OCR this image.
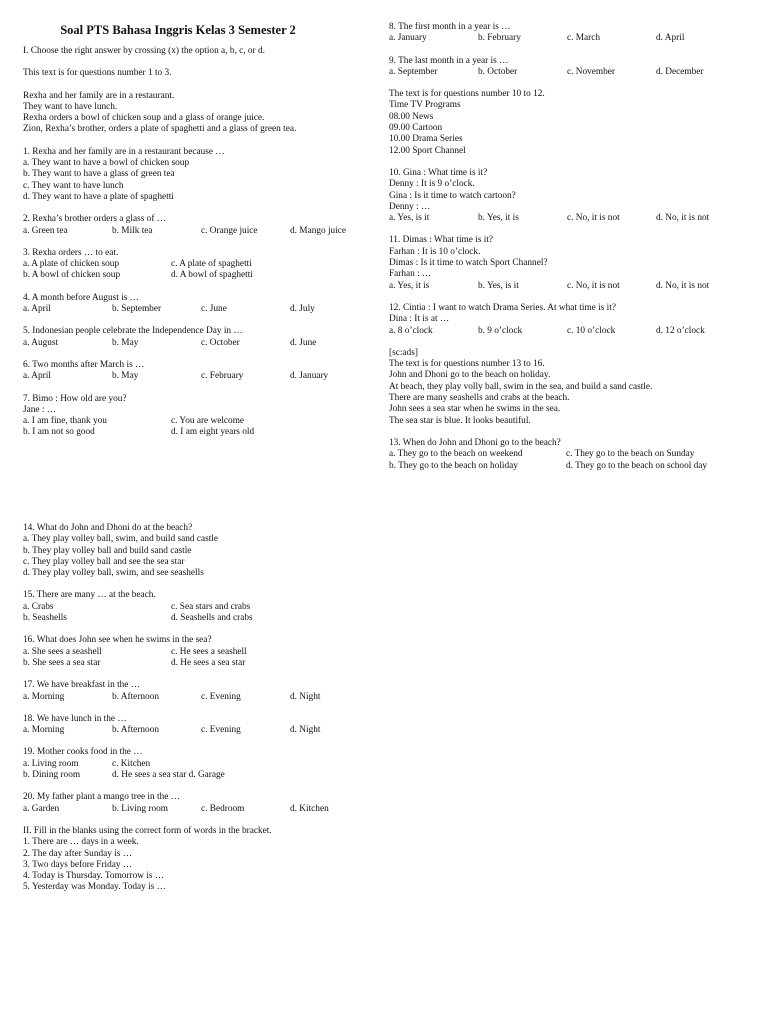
Soal PTS Bahasa Inggris Kelas 3 Semester 2
I. Choose the right answer by crossing (x) the option a, b, c, or d.
This text is for questions number 1 to 3.
Rexha and her family are in a restaurant.
They want to have lunch.
Rexha orders a bowl of chicken soup and a glass of orange juice.
Zion, Rexha’s brother, orders a plate of spaghetti and a glass of green tea.
1. Rexha and her family are in a restaurant because …
a. They want to have a bowl of chicken soup
b. They want to have a glass of green tea
c. They want to have lunch
d. They want to have a plate of spaghetti
2. Rexha’s brother orders a glass of …
a. Green tea	b. Milk tea	c. Orange juice	d. Mango juice
3. Rexha orders … to eat.
a. A plate of chicken soup	c. A plate of spaghetti
b. A bowl of chicken soup	d. A bowl of spaghetti
4. A month before August is …
a. April	b. September	c. June	d. July
5. Indonesian people celebrate the Independence Day in …
a. August	b. May	c. October	d. June
6. Two months after March is …
a. April	b. May	c. February	d. January
7. Bimo : How old are you?
Jane : …
a. I am fine, thank you	c. You are welcome
b. I am not so good	d. I am eight years old
8. The first month in a year is …
a. January	b. February	c. March	d. April
9. The last month in a year is …
a. September	b. October	c. November	d. December
The text is for questions number 10 to 12.
Time TV Programs
08.00 News
09.00 Cartoon
10.00 Drama Series
12.00 Sport Channel
10. Gina : What time is it?
Denny : It is 9 o’clock.
Gina : Is it time to watch cartoon?
Denny : …
a. Yes, is it	b. Yes, it is	c. No, it is not	d. No, it is not
11. Dimas : What time is it?
Farhan : It is 10 o’clock.
Dimas : Is it time to watch Sport Channel?
Farhan : …
a. Yes, it is	b. Yes, is it	c. No, it is not	d. No, it is not
12. Cintia : I want to watch Drama Series. At what time is it?
Dina : It is at …
a. 8 o’clock	b. 9 o’clock	c. 10 o’clock	d. 12 o’clock
[sc:ads]
The text is for questions number 13 to 16.
John and Dhoni go to the beach on holiday.
At beach, they play volly ball, swim in the sea, and build a sand castle.
There are many seashells and crabs at the beach.
John sees a sea star when he swims in the sea.
The sea star is blue. It looks beautiful.
13. When do John and Dhoni go to the beach?
a. They go to the beach on weekend	c. They go to the beach on Sunday
b. They go to the beach on holiday	d. They go to the beach on school day
14. What do John and Dhoni do at the beach?
a. They play volley ball, swim, and build sand castle
b. They play volley ball and build sand castle
c. They play volley ball and see the sea star
d. They play volley ball, swim, and see seashells
15. There are many … at the beach.
a. Crabs	c. Sea stars and crabs
b. Seashells	d. Seashells and crabs
16. What does John see when he swims in the sea?
a. She sees a seashell	c. He sees a seashell
b. She sees a sea star	d. He sees a sea star
17. We have breakfast in the …
a. Morning	b. Afternoon	c. Evening	d. Night
18. We have lunch in the …
a. Morning	b. Afternoon	c. Evening	d. Night
19. Mother cooks food in the …
a. Living room	c. Kitchen
b. Dining room	d. He sees a sea star d. Garage
20. My father plant a mango tree in the …
a. Garden	b. Living room	c. Bedroom	d. Kitchen
II. Fill in the blanks using the correct form of words in the bracket.
1. There are … days in a week.
2. The day after Sunday is …
3. Two days before Friday …
4. Today is Thursday. Tomorrow is …
5. Yesterday was Monday. Today is …
